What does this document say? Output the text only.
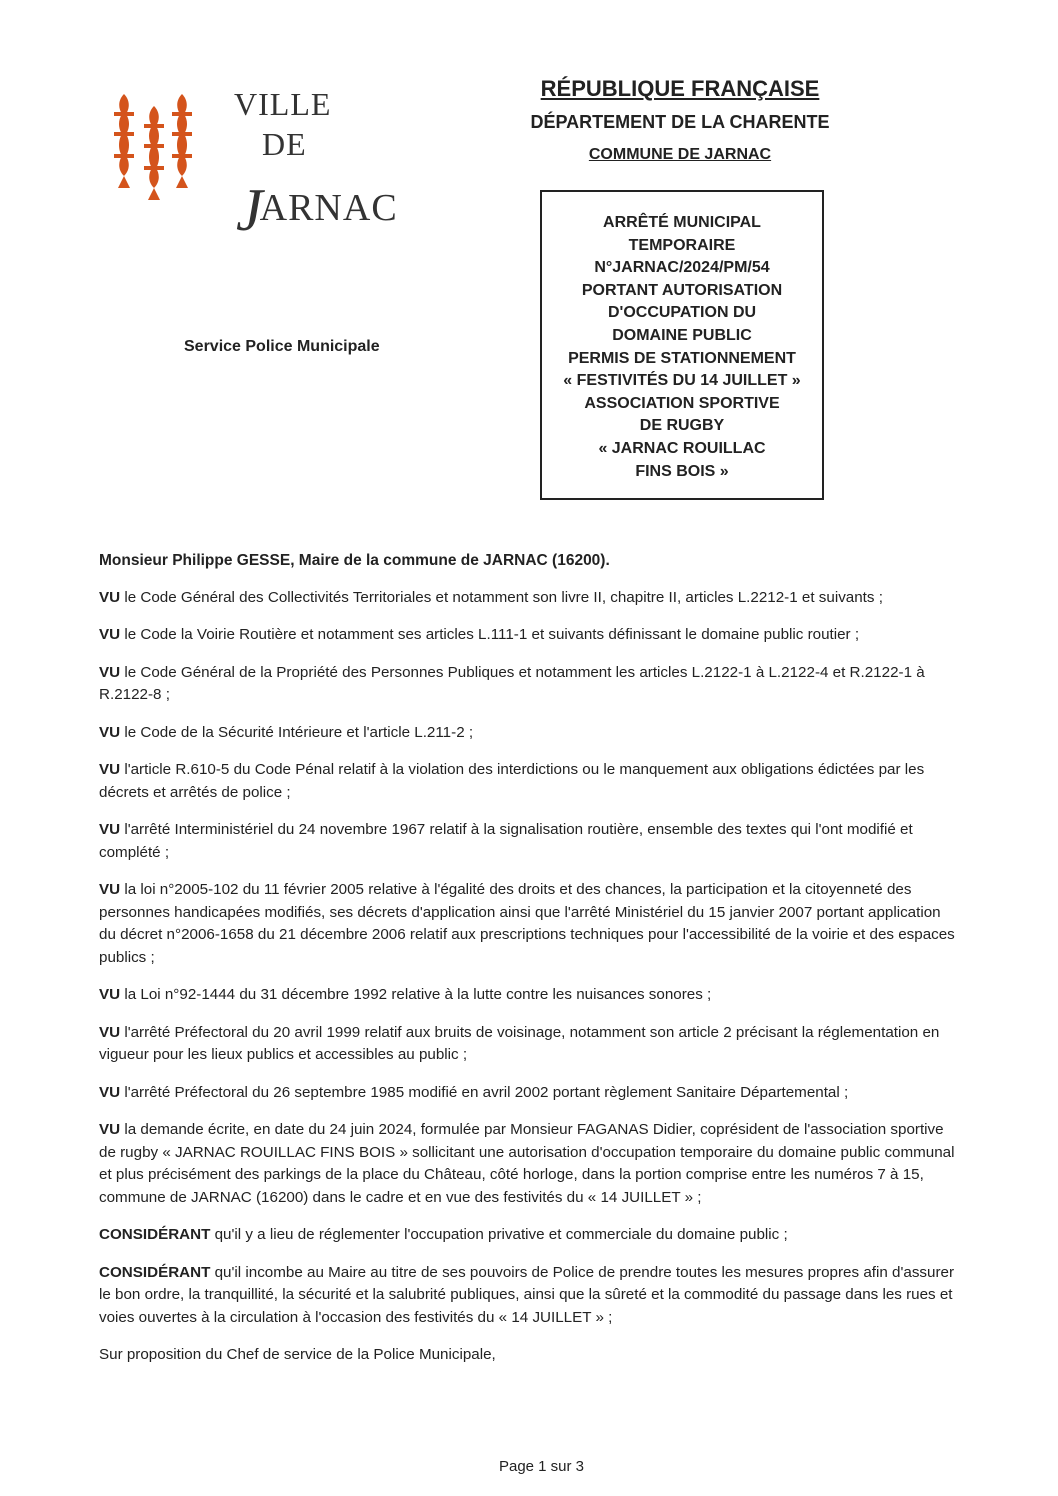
VILLE
DE
JARNAC
RÉPUBLIQUE FRANÇAISE
DÉPARTEMENT DE LA CHARENTE
COMMUNE DE JARNAC
Service Police Municipale
ARRÊTÉ MUNICIPAL
TEMPORAIRE
N°JARNAC/2024/PM/54
PORTANT AUTORISATION
D'OCCUPATION DU
DOMAINE PUBLIC
PERMIS DE STATIONNEMENT
« FESTIVITÉS DU 14 JUILLET »
ASSOCIATION SPORTIVE
DE RUGBY
« JARNAC ROUILLAC
FINS BOIS »

Monsieur Philippe GESSE, Maire de la commune de JARNAC (16200).

VU le Code Général des Collectivités Territoriales et notamment son livre II, chapitre II, articles L.2212-1 et suivants ;

VU le Code la Voirie Routière et notamment ses articles L.111-1 et suivants définissant le domaine public routier ;

VU le Code Général de la Propriété des Personnes Publiques et notamment les articles L.2122-1 à L.2122-4 et R.2122-1 à R.2122-8 ;

VU le Code de la Sécurité Intérieure et l'article L.211-2 ;

VU l'article R.610-5 du Code Pénal relatif à la violation des interdictions ou le manquement aux obligations édictées par les décrets et arrêtés de police ;

VU l'arrêté Interministériel du 24 novembre 1967 relatif à la signalisation routière, ensemble des textes qui l'ont modifié et complété ;

VU la loi n°2005-102 du 11 février 2005 relative à l'égalité des droits et des chances, la participation et la citoyenneté des personnes handicapées modifiés, ses décrets d'application ainsi que l'arrêté Ministériel du 15 janvier 2007 portant application du décret n°2006-1658 du 21 décembre 2006 relatif aux prescriptions techniques pour l'accessibilité de la voirie et des espaces publics ;

VU la Loi n°92-1444 du 31 décembre 1992 relative à la lutte contre les nuisances sonores ;

VU l'arrêté Préfectoral du 20 avril 1999 relatif aux bruits de voisinage, notamment son article 2 précisant la réglementation en vigueur pour les lieux publics et accessibles au public ;

VU l'arrêté Préfectoral du 26 septembre 1985 modifié en avril 2002 portant règlement Sanitaire Départemental ;

VU la demande écrite, en date du 24 juin 2024, formulée par Monsieur FAGANAS Didier, coprésident de l'association sportive de rugby « JARNAC ROUILLAC FINS BOIS » sollicitant une autorisation d'occupation temporaire du domaine public communal et plus précisément des parkings de la place du Château, côté horloge, dans la portion comprise entre les numéros 7 à 15, commune de JARNAC (16200) dans le cadre et en vue des festivités du « 14 JUILLET » ;

CONSIDÉRANT qu'il y a lieu de réglementer l'occupation privative et commerciale du domaine public ;

CONSIDÉRANT qu'il incombe au Maire au titre de ses pouvoirs de Police de prendre toutes les mesures propres afin d'assurer le bon ordre, la tranquillité, la sécurité et la salubrité publiques, ainsi que la sûreté et la commodité du passage dans les rues et voies ouvertes à la circulation à l'occasion des festivités du « 14 JUILLET » ;

Sur proposition du Chef de service de la Police Municipale,

Page 1 sur 3
